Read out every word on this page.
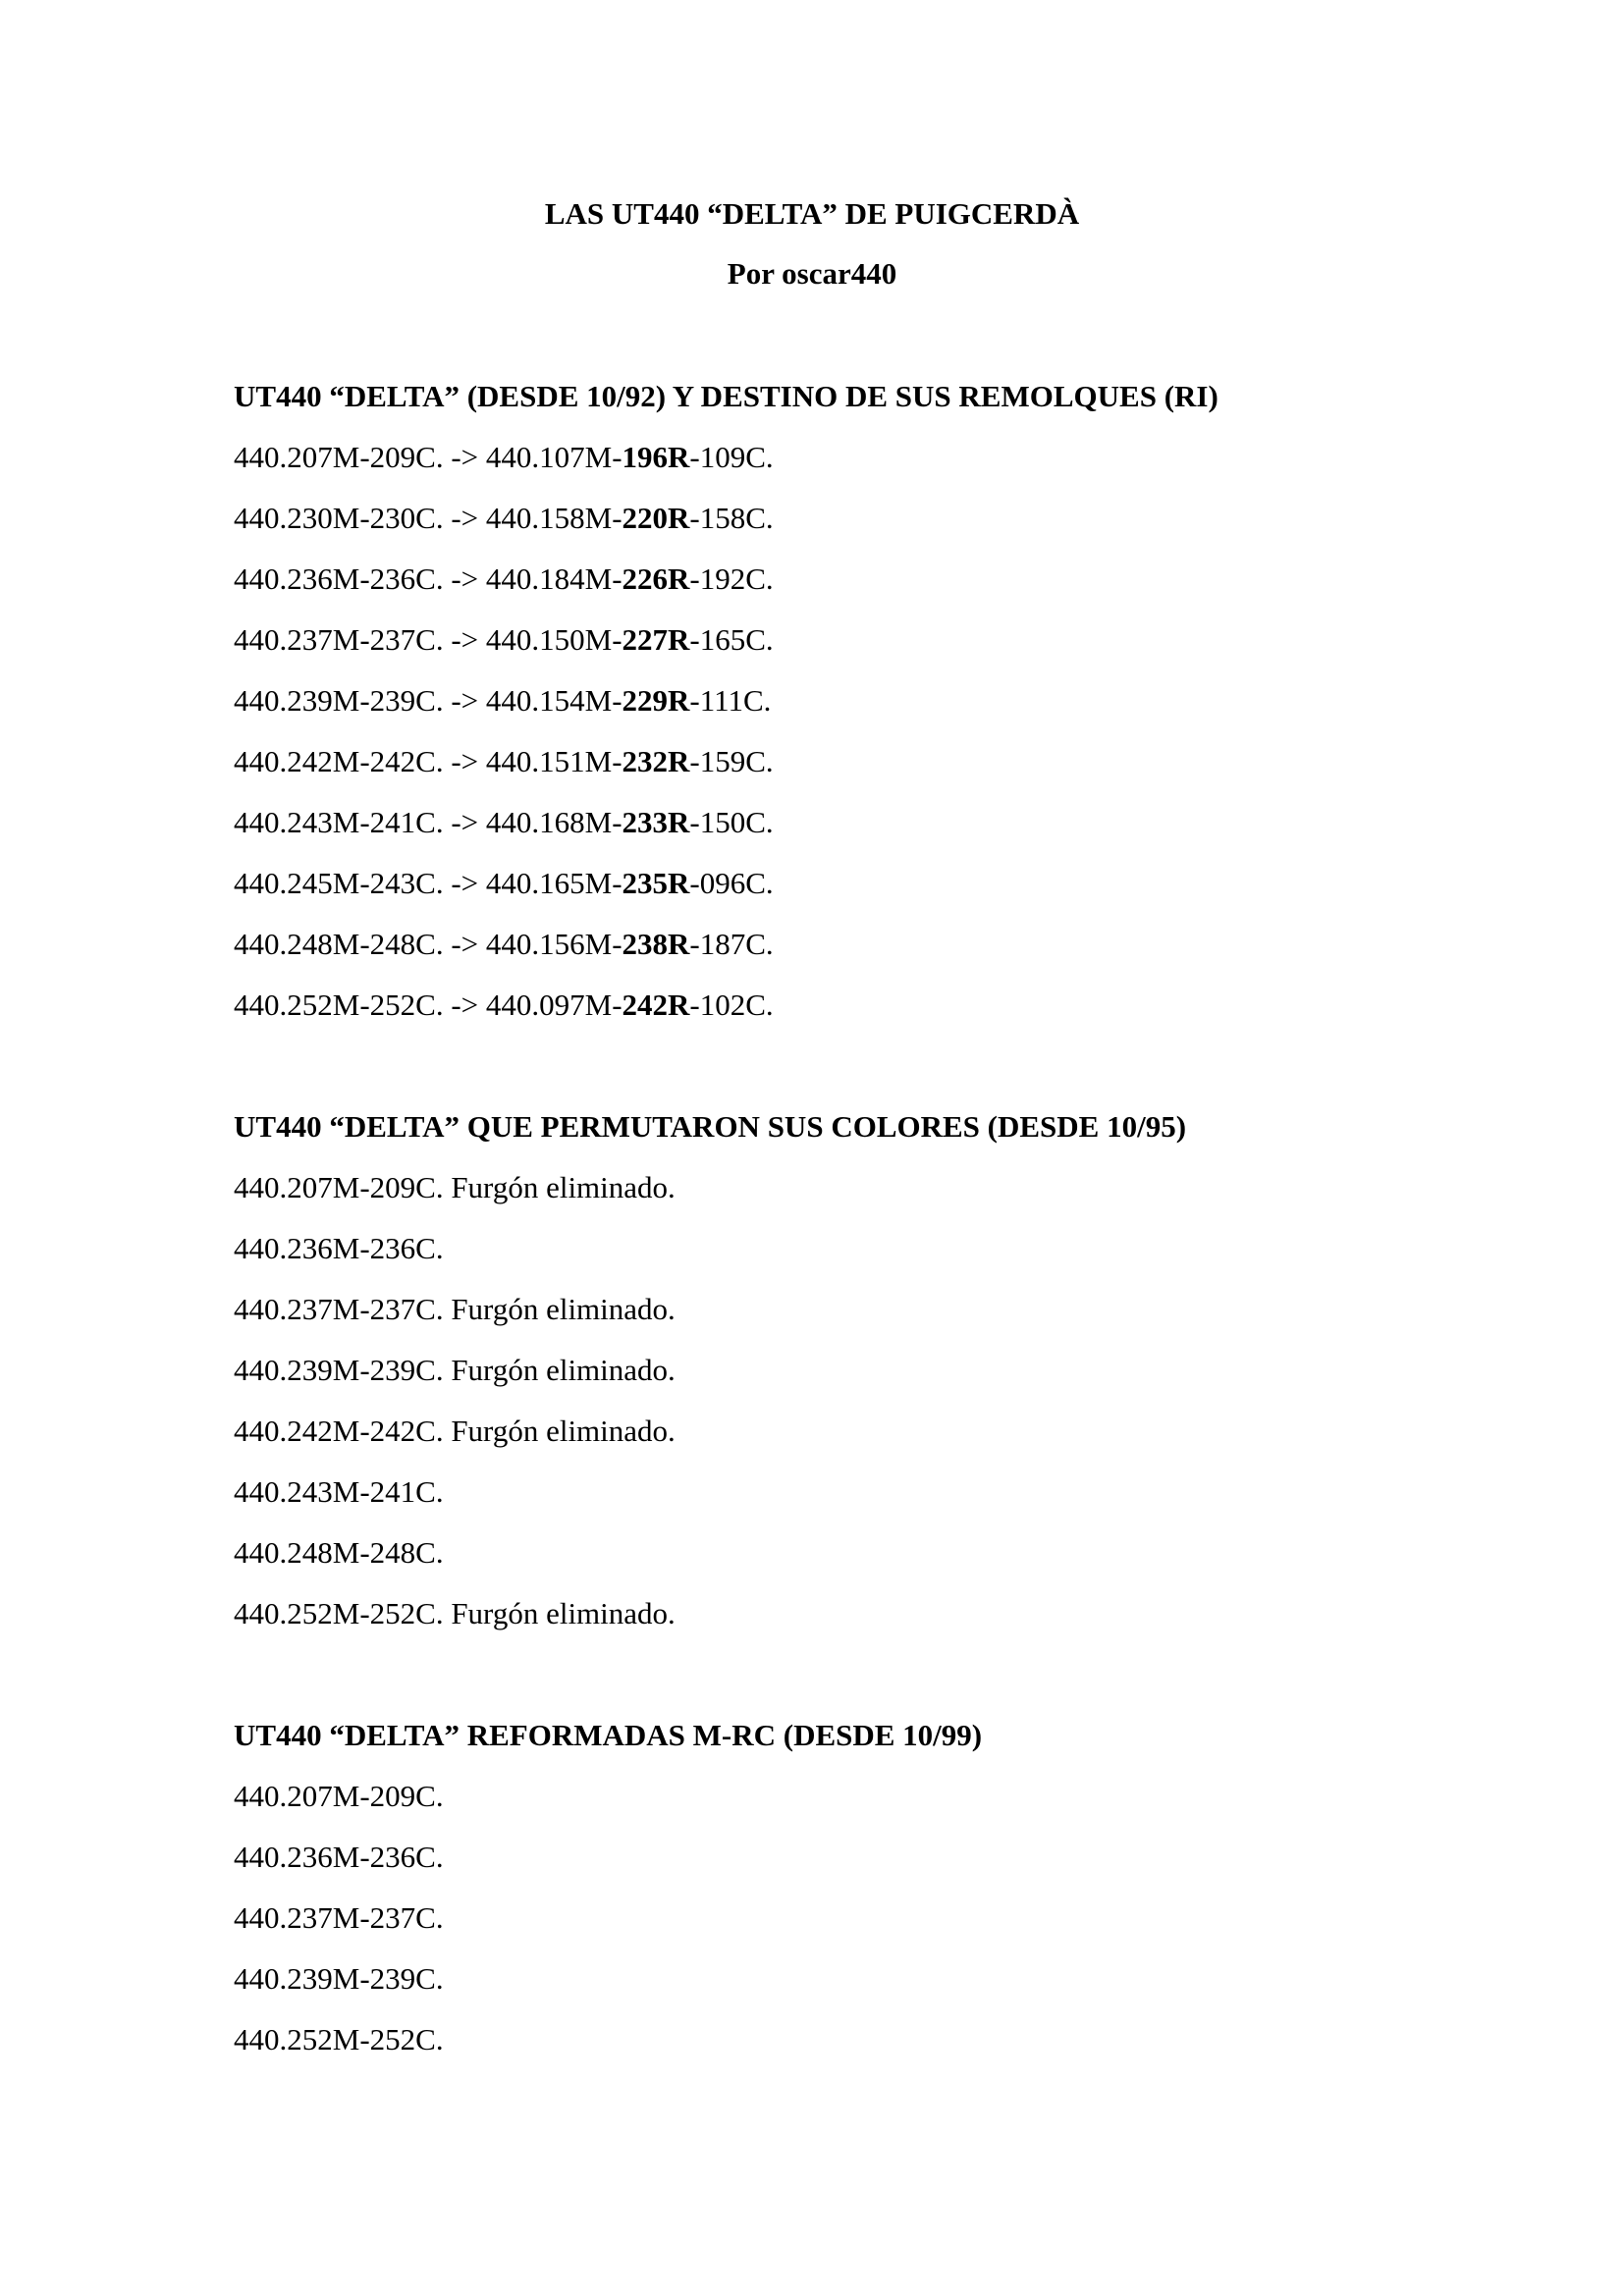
LAS UT440 “DELTA” DE PUIGCERDÀ
Por oscar440
UT440 “DELTA” (DESDE 10/92) Y DESTINO DE SUS REMOLQUES (RI)
440.207M-209C. -> 440.107M-196R-109C.
440.230M-230C. -> 440.158M-220R-158C.
440.236M-236C. -> 440.184M-226R-192C.
440.237M-237C. -> 440.150M-227R-165C.
440.239M-239C. -> 440.154M-229R-111C.
440.242M-242C. -> 440.151M-232R-159C.
440.243M-241C. -> 440.168M-233R-150C.
440.245M-243C. -> 440.165M-235R-096C.
440.248M-248C. -> 440.156M-238R-187C.
440.252M-252C. -> 440.097M-242R-102C.
UT440 “DELTA” QUE PERMUTARON SUS COLORES (DESDE 10/95)
440.207M-209C. Furgón eliminado.
440.236M-236C.
440.237M-237C. Furgón eliminado.
440.239M-239C. Furgón eliminado.
440.242M-242C. Furgón eliminado.
440.243M-241C.
440.248M-248C.
440.252M-252C. Furgón eliminado.
UT440 “DELTA” REFORMADAS M-RC (DESDE 10/99)
440.207M-209C.
440.236M-236C.
440.237M-237C.
440.239M-239C.
440.252M-252C.
